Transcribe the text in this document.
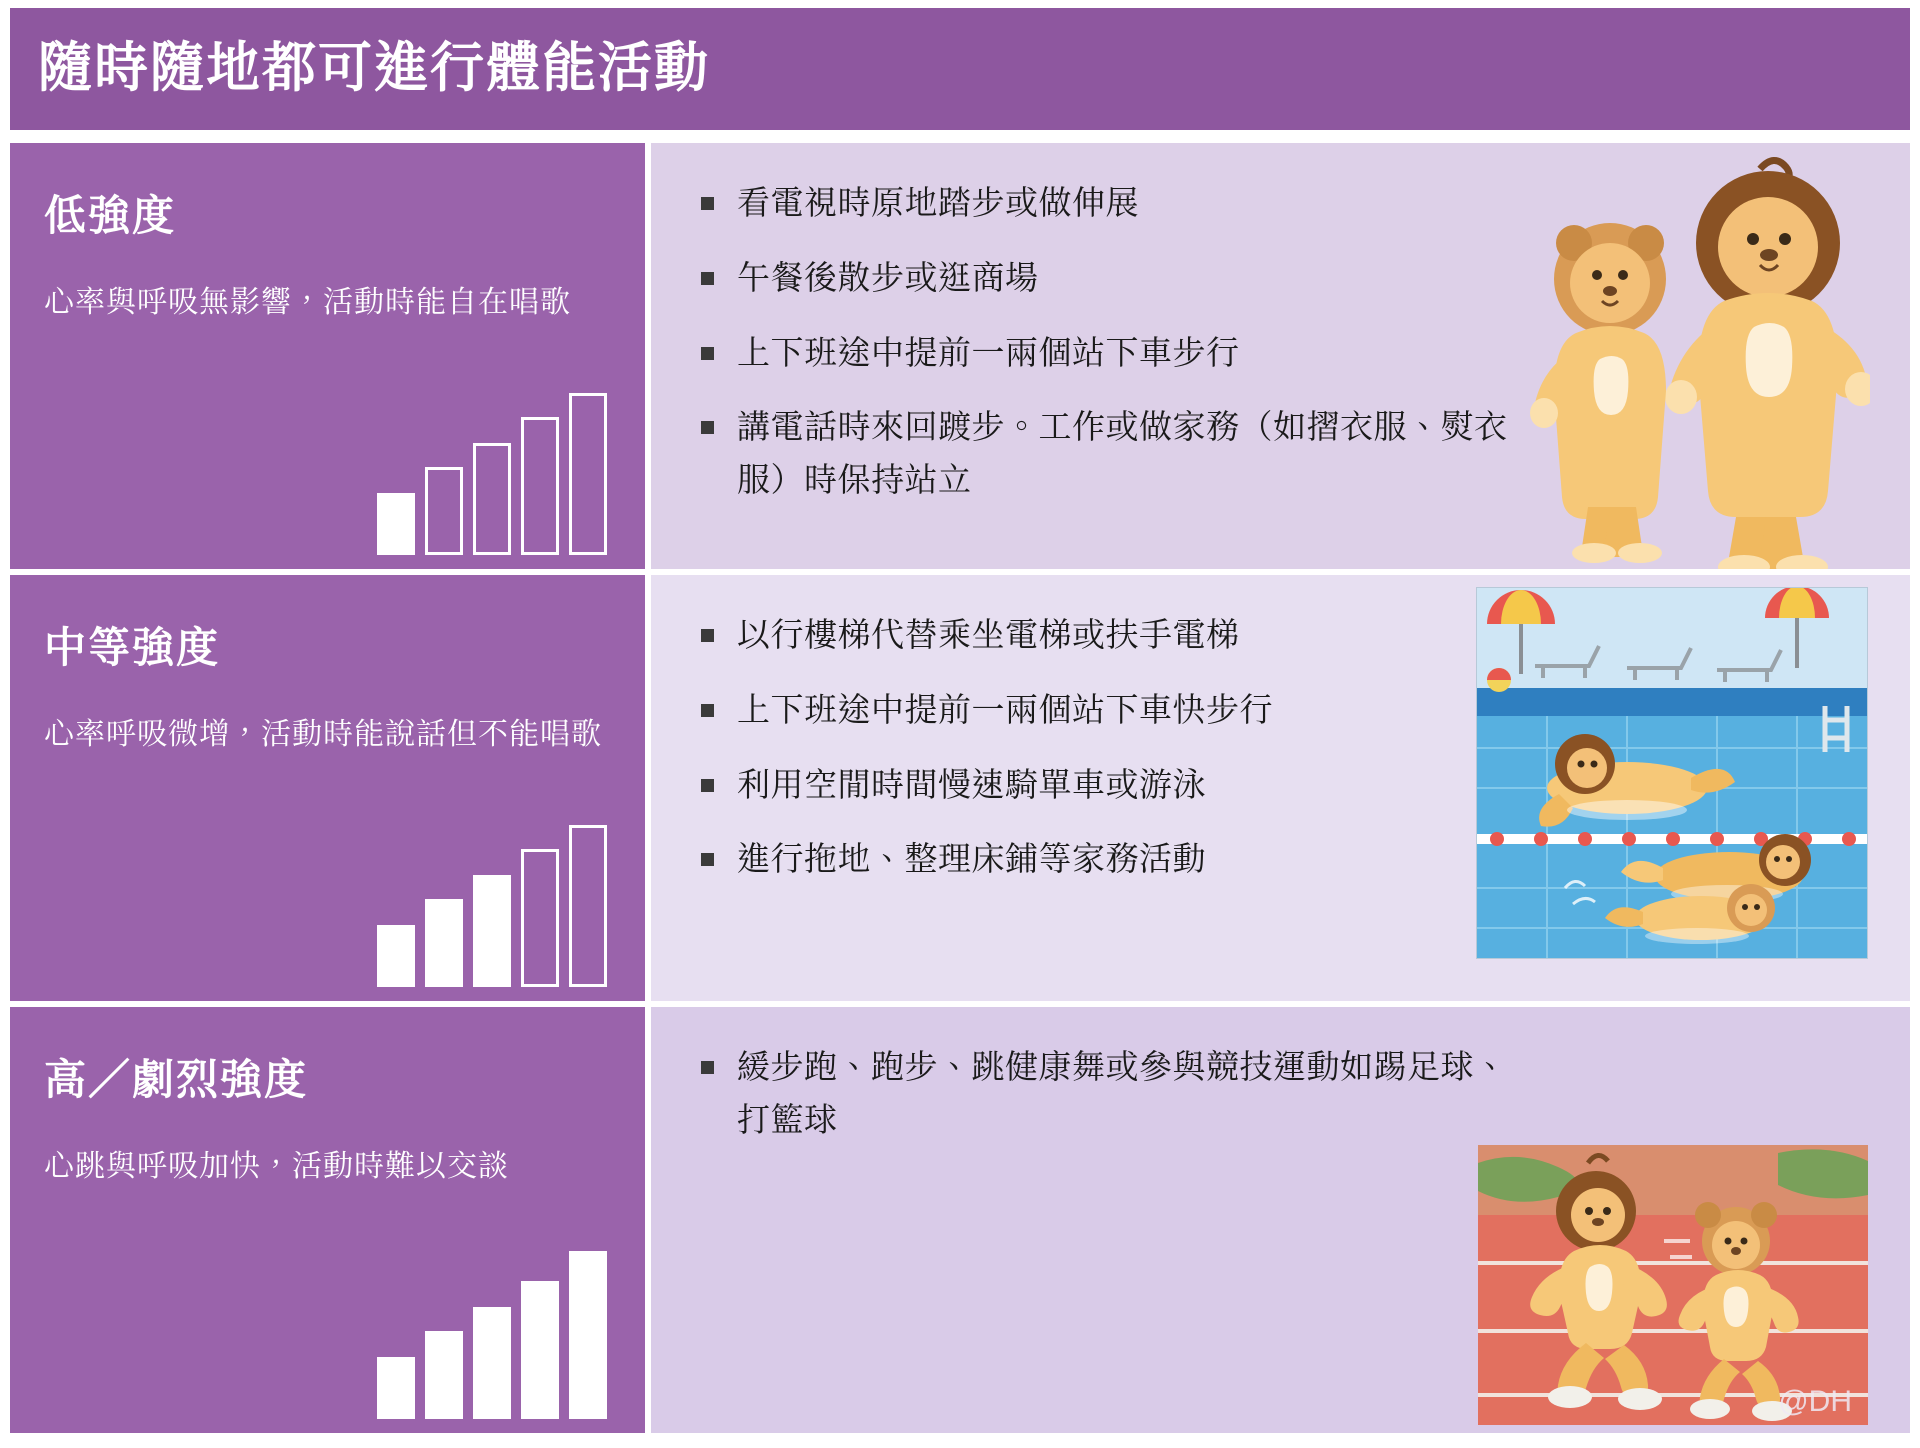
隨時隨地都可進行體能活動
低強度
心率與呼吸無影響，活動時能自在唱歌
看電視時原地踏步或做伸展
午餐後散步或逛商場
上下班途中提前一兩個站下車步行
講電話時來回踱步。工作或做家務（如摺衣服、熨衣服）時保持站立
中等強度
心率呼吸微增，活動時能說話但不能唱歌
以行樓梯代替乘坐電梯或扶手電梯
上下班途中提前一兩個站下車快步行
利用空閒時間慢速騎單車或游泳
進行拖地、整理床鋪等家務活動
高／劇烈強度
心跳與呼吸加快，活動時難以交談
緩步跑、跑步、跳健康舞或參與競技運動如踢足球、打籃球
@DH
